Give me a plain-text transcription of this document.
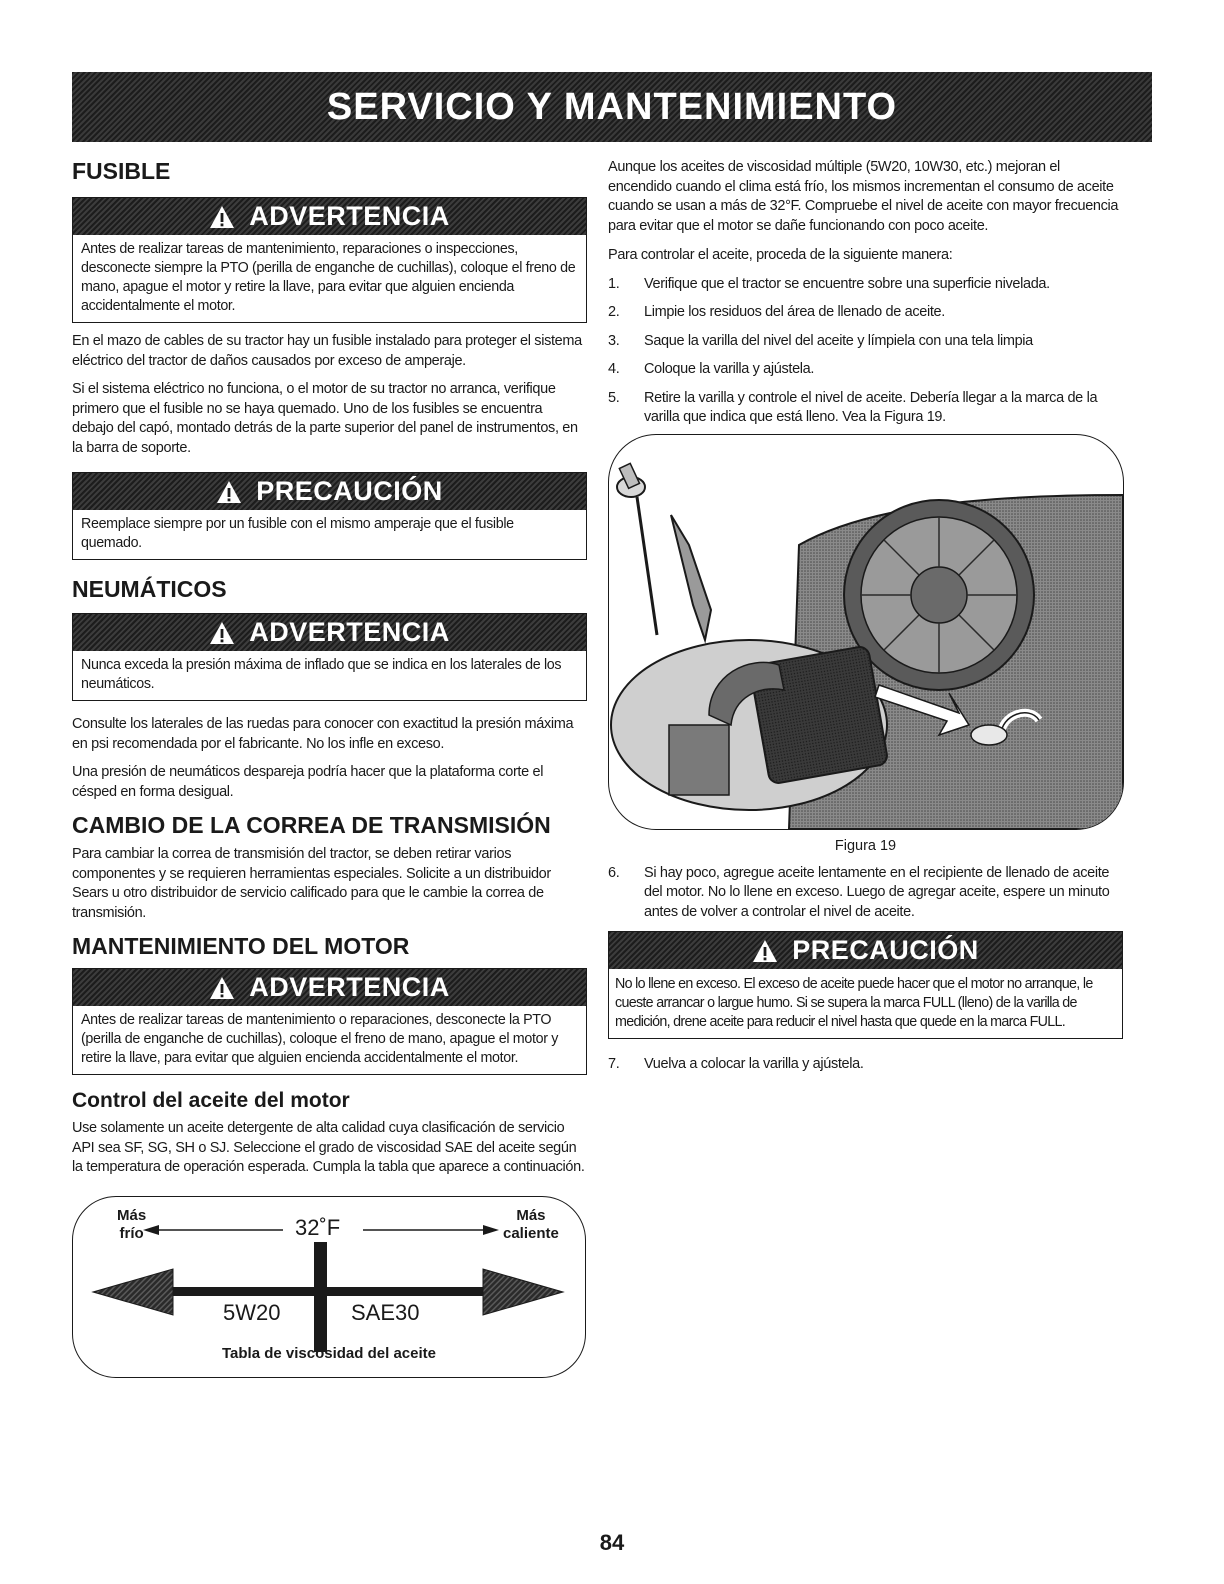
SERVICIO Y MANTENIMIENTO
FUSIBLE
ADVERTENCIA

Antes de realizar tareas de mantenimiento, reparaciones o inspecciones, desconecte siempre la PTO (perilla de enganche de cuchillas), coloque el freno de mano, apague el motor y retire la llave, para evitar que alguien encienda accidentalmente el motor.

En el mazo de cables de su tractor hay un fusible instalado para proteger el sistema eléctrico del tractor de daños causados por exceso de amperaje.

Si el sistema eléctrico no funciona, o el motor de su tractor no arranca, verifique primero que el fusible no se haya quemado. Uno de los fusibles se encuentra debajo del capó, montado detrás de la parte superior del panel de instrumentos, en la barra de soporte.

PRECAUCIÓN

Reemplace siempre por un fusible con el mismo amperaje que el fusible quemado.

NEUMÁTICOS
ADVERTENCIA

Nunca exceda la presión máxima de inflado que se indica en los laterales de los neumáticos.

Consulte los laterales de las ruedas para conocer con exactitud la presión máxima en psi recomendada por el fabricante. No los infle en exceso.

Una presión de neumáticos despareja podría hacer que la plataforma corte el césped en forma desigual.

CAMBIO DE LA CORREA DE TRANSMISIÓN

Para cambiar la correa de transmisión del tractor, se deben retirar varios componentes y se requieren herramientas especiales. Solicite a un distribuidor Sears u otro distribuidor de servicio calificado para que le cambie la correa de transmisión.

MANTENIMIENTO DEL MOTOR
ADVERTENCIA

Antes de realizar tareas de mantenimiento o reparaciones, desconecte la PTO (perilla de enganche de cuchillas), coloque el freno de mano, apague el motor y retire la llave, para evitar que alguien encienda accidentalmente el motor.

Control del aceite del motor

Use solamente un aceite detergente de alta calidad cuya clasificación de servicio API sea SF, SG, SH o SJ. Seleccione el grado de viscosidad SAE del aceite según la temperatura de operación esperada. Cumpla la tabla que aparece a continuación.

Más
frío
Más
caliente
32˚F
5W20	SAE30
Tabla de viscosidad del aceite

Aunque los aceites de viscosidad múltiple (5W20, 10W30, etc.) mejoran el encendido cuando el clima está frío, los mismos incrementan el consumo de aceite cuando se usan a más de 32°F. Compruebe el nivel de aceite con mayor frecuencia para evitar que el motor se dañe funcionando con poco aceite.

Para controlar el aceite, proceda de la siguiente manera:

1.	Verifique que el tractor se encuentre sobre una superficie nivelada.
2.	Limpie los residuos del área de llenado de aceite.
3.	Saque la varilla del nivel del aceite y límpiela con una tela limpia
4.	Coloque la varilla y ajústela.
5.	Retire la varilla y controle el nivel de aceite. Debería llegar a la marca de la varilla que indica que está lleno. Vea la Figura 19.
Figura 19
6.	Si hay poco, agregue aceite lentamente en el recipiente de llenado de aceite del motor. No lo llene en exceso. Luego de agregar aceite, espere un minuto antes de volver a controlar el nivel de aceite.
PRECAUCIÓN

No lo llene en exceso. El exceso de aceite puede hacer que el motor no arranque, le cueste arrancar o largue humo. Si se supera la marca FULL (lleno) de la varilla de medición, drene aceite para reducir el nivel hasta que quede en la marca FULL.

7.	Vuelva a colocar la varilla y ajústela.
84
